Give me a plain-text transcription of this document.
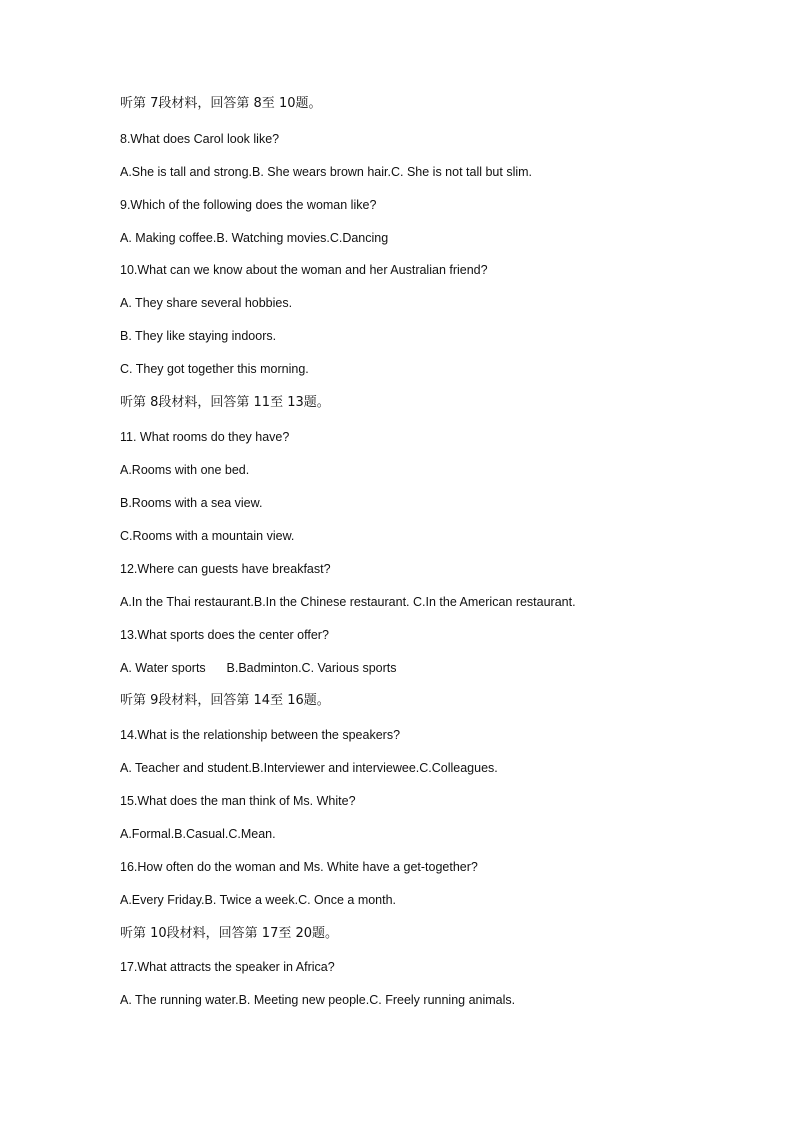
听第 7段材料，回答第 8至 10题。
8.What does Carol look like?
A.She is tall and strong.B. She wears brown hair.C. She is not tall but slim.
9.Which of the following does the woman like?
A. Making coffee.B. Watching movies.C.Dancing
10.What can we know about the woman and her Australian friend?
A. They share several hobbies.
B. They like staying indoors.
C. They got together this morning.
听第 8段材料，回答第 11至 13题。
11. What rooms do they have?
A.Rooms with one bed.
B.Rooms with a sea view.
C.Rooms with a mountain view.
12.Where can guests have breakfast?
A.In the Thai restaurant.B.In the Chinese restaurant. C.In the American restaurant.
13.What sports does the center offer?
A. Water sports      B.Badminton.C. Various sports
听第 9段材料，回答第 14至 16题。
14.What is the relationship between the speakers?
A. Teacher and student.B.Interviewer and interviewee.C.Colleagues.
15.What does the man think of Ms. White?
A.Formal.B.Casual.C.Mean.
16.How often do the woman and Ms. White have a get-together?
A.Every Friday.B. Twice a week.C. Once a month.
听第 10段材料，回答第 17至 20题。
17.What attracts the speaker in Africa?
A. The running water.B. Meeting new people.C. Freely running animals.
